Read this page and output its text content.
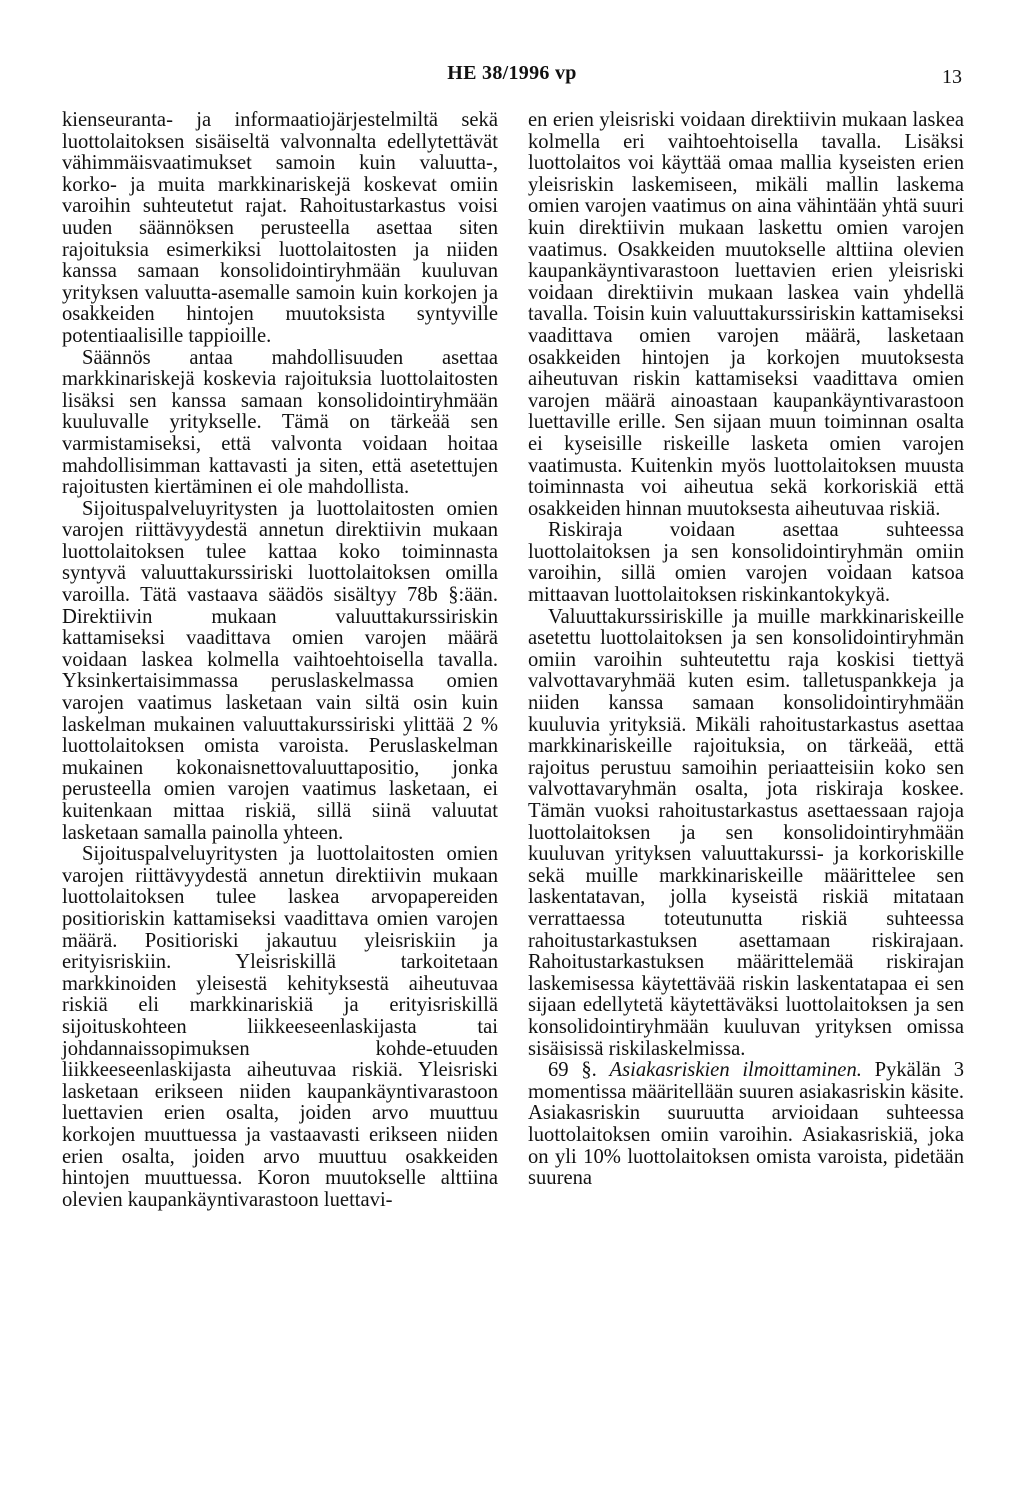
HE 38/1996 vp	13

kienseuranta- ja informaatiojärjestelmiltä sekä luottolaitoksen sisäiseltä valvonnalta edellytettävät vähimmäisvaatimukset samoin kuin valuutta-, korko- ja muita markkinariskejä koskevat omiin varoihin suhteutetut rajat. Rahoitustarkastus voisi uuden säännöksen perusteella asettaa siten rajoituksia esimerkiksi luottolaitosten ja niiden kanssa samaan konsolidointiryhmään kuuluvan yrityksen valuutta-asemalle samoin kuin korkojen ja osakkeiden hintojen muutoksista syntyville potentiaalisille tappioille.

Säännös antaa mahdollisuuden asettaa markkinariskejä koskevia rajoituksia luottolaitosten lisäksi sen kanssa samaan konsolidointiryhmään kuuluvalle yritykselle. Tämä on tärkeää sen varmistamiseksi, että valvonta voidaan hoitaa mahdollisimman kattavasti ja siten, että asetettujen rajoitusten kiertäminen ei ole mahdollista.

Sijoituspalveluyritysten ja luottolaitosten omien varojen riittävyydestä annetun direktiivin mukaan luottolaitoksen tulee kattaa koko toiminnasta syntyvä valuuttakurssiriski luottolaitoksen omilla varoilla. Tätä vastaava säädös sisältyy 78b §:ään. Direktiivin mukaan valuuttakurssiriskin kattamiseksi vaadittava omien varojen määrä voidaan laskea kolmella vaihtoehtoisella tavalla. Yksinkertaisimmassa peruslaskelmassa omien varojen vaatimus lasketaan vain siltä osin kuin laskelman mukainen valuuttakurssiriski ylittää 2 % luottolaitoksen omista varoista. Peruslaskelman mukainen kokonaisnettovaluuttapositio, jonka perusteella omien varojen vaatimus lasketaan, ei kuitenkaan mittaa riskiä, sillä siinä valuutat lasketaan samalla painolla yhteen.

Sijoituspalveluyritysten ja luottolaitosten omien varojen riittävyydestä annetun direktiivin mukaan luottolaitoksen tulee laskea arvopapereiden positioriskin kattamiseksi vaadittava omien varojen määrä. Positioriski jakautuu yleisriskiin ja erityisriskiin. Yleisriskillä tarkoitetaan markkinoiden yleisestä kehityksestä aiheutuvaa riskiä eli markkinariskiä ja erityisriskillä sijoituskohteen liikkeeseenlaskijasta tai johdannaissopimuksen kohde-etuuden liikkeeseenlaskijasta aiheutuvaa riskiä. Yleisriski lasketaan erikseen niiden kaupankäyntivarastoon luettavien erien osalta, joiden arvo muuttuu korkojen muuttuessa ja vastaavasti erikseen niiden erien osalta, joiden arvo muuttuu osakkeiden hintojen muuttuessa. Koron muutokselle alttiina olevien kaupankäyntivarastoon luettavi-

en erien yleisriski voidaan direktiivin mukaan laskea kolmella eri vaihtoehtoisella tavalla. Lisäksi luottolaitos voi käyttää omaa mallia kyseisten erien yleisriskin laskemiseen, mikäli mallin laskema omien varojen vaatimus on aina vähintään yhtä suuri kuin direktiivin mukaan laskettu omien varojen vaatimus. Osakkeiden muutokselle alttiina olevien kaupankäyntivarastoon luettavien erien yleisriski voidaan direktiivin mukaan laskea vain yhdellä tavalla. Toisin kuin valuuttakurssiriskin kattamiseksi vaadittava omien varojen määrä, lasketaan osakkeiden hintojen ja korkojen muutoksesta aiheutuvan riskin kattamiseksi vaadittava omien varojen määrä ainoastaan kaupankäyntivarastoon luettaville erille. Sen sijaan muun toiminnan osalta ei kyseisille riskeille lasketa omien varojen vaatimusta. Kuitenkin myös luottolaitoksen muusta toiminnasta voi aiheutua sekä korkoriskiä että osakkeiden hinnan muutoksesta aiheutuvaa riskiä.

Riskiraja voidaan asettaa suhteessa luottolaitoksen ja sen konsolidointiryhmän omiin varoihin, sillä omien varojen voidaan katsoa mittaavan luottolaitoksen riskinkantokykyä.

Valuuttakurssiriskille ja muille markkinariskeille asetettu luottolaitoksen ja sen konsolidointiryhmän omiin varoihin suhteutettu raja koskisi tiettyä valvottavaryhmää kuten esim. talletuspankkeja ja niiden kanssa samaan konsolidointiryhmään kuuluvia yrityksiä. Mikäli rahoitustarkastus asettaa markkinariskeille rajoituksia, on tärkeää, että rajoitus perustuu samoihin periaatteisiin koko sen valvottavaryhmän osalta, jota riskiraja koskee. Tämän vuoksi rahoitustarkastus asettaessaan rajoja luottolaitoksen ja sen konsolidointiryhmään kuuluvan yrityksen valuuttakurssi- ja korkoriskille sekä muille markkinariskeille määrittelee sen laskentatavan, jolla kyseistä riskiä mitataan verrattaessa toteutunutta riskiä suhteessa rahoitustarkastuksen asettamaan riskirajaan. Rahoitustarkastuksen määrittelemää riskirajan laskemisessa käytettävää riskin laskentatapaa ei sen sijaan edellytetä käytettäväksi luottolaitoksen ja sen konsolidointiryhmään kuuluvan yrityksen omissa sisäisissä riskilaskelmissa.

69 §. Asiakasriskien ilmoittaminen. Pykälän 3 momentissa määritellään suuren asiakasriskin käsite. Asiakasriskin suuruutta arvioidaan suhteessa luottolaitoksen omiin varoihin. Asiakasriskiä, joka on yli 10% luottolaitoksen omista varoista, pidetään suurena
